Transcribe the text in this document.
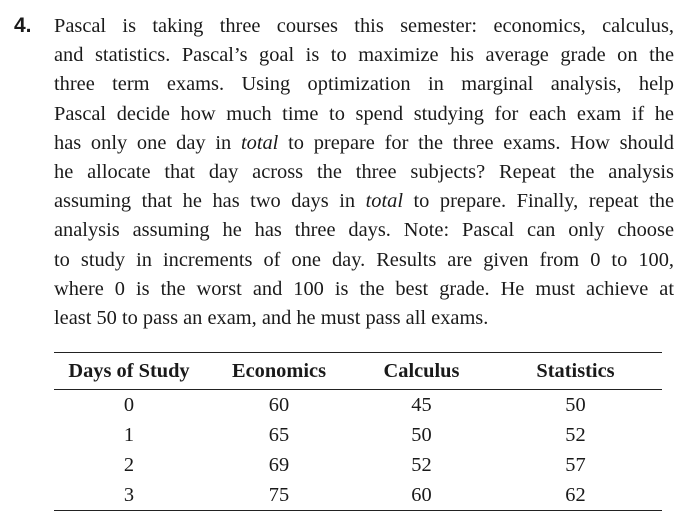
4. Pascal is taking three courses this semester: economics, calculus,
and statistics. Pascal’s goal is to maximize his average grade on the
three term exams. Using optimization in marginal analysis, help
Pascal decide how much time to spend studying for each exam if he
has only one day in total to prepare for the three exams. How should
he allocate that day across the three subjects? Repeat the analysis
assuming that he has two days in total to prepare. Finally, repeat the
analysis assuming he has three days. Note: Pascal can only choose
to study in increments of one day. Results are given from 0 to 100,
where 0 is the worst and 100 is the best grade. He must achieve at
least 50 to pass an exam, and he must pass all exams.
Days of Study	Economics	Calculus	Statistics
0	60	45	50
1	65	50	52
2	69	52	57
3	75	60	62
